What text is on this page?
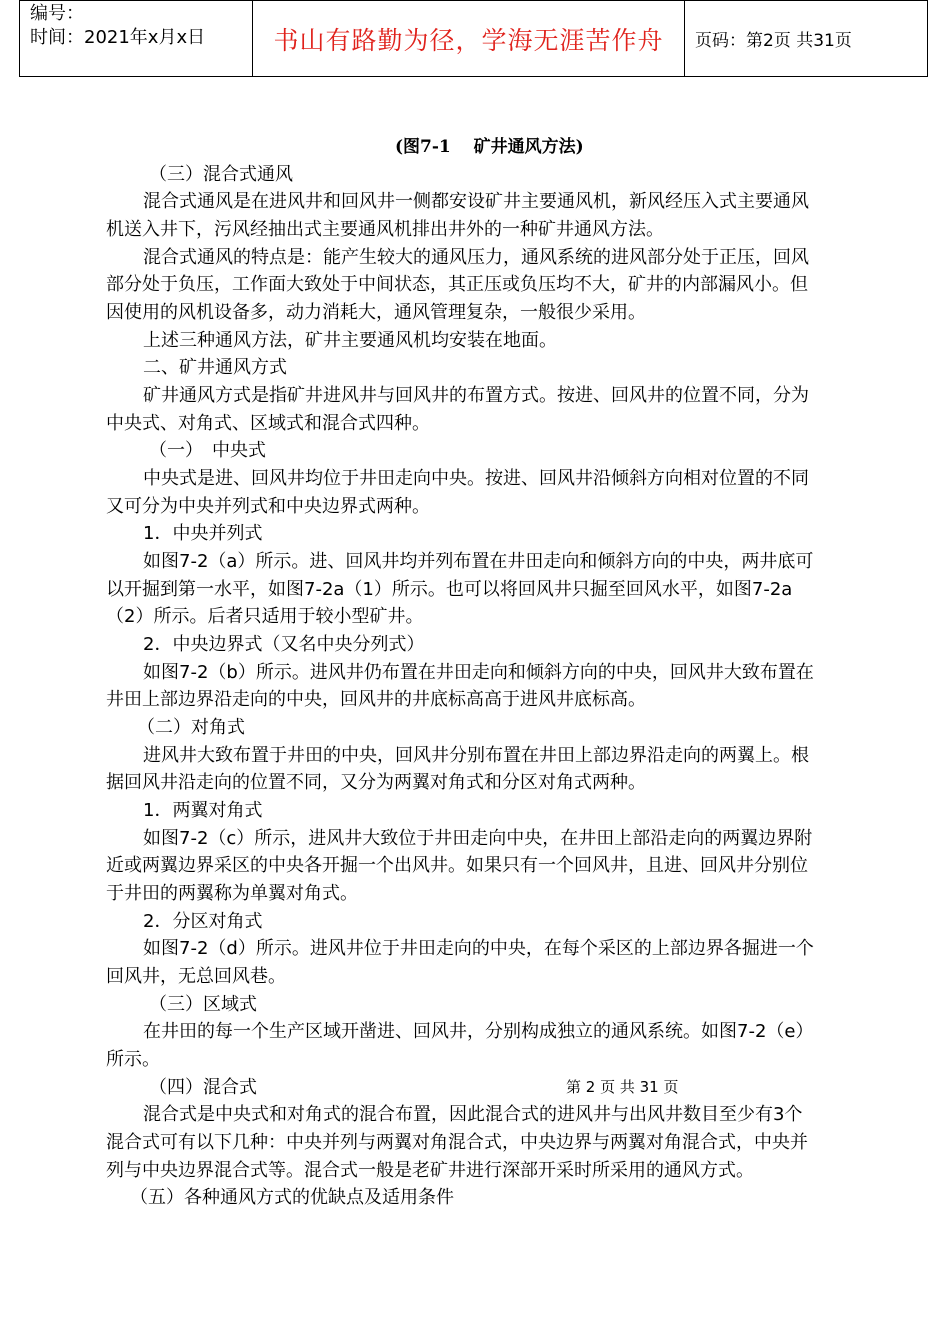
编号：
时间：2021年x月x日	书山有路勤为径，学海无涯苦作舟 页码：第2页 共31页
(图7-1　 矿井通风方法)
（三）混合式通风
混合式通风是在进风井和回风井一侧都安设矿井主要通风机，新风经压入式主要通风
机送入井下，污风经抽出式主要通风机排出井外的一种矿井通风方法。
混合式通风的特点是：能产生较大的通风压力，通风系统的进风部分处于正压，回风
部分处于负压，工作面大致处于中间状态，其正压或负压均不大，矿井的内部漏风小。但
因使用的风机设备多，动力消耗大，通风管理复杂，一般很少采用。
上述三种通风方法，矿井主要通风机均安装在地面。
二、矿井通风方式
矿井通风方式是指矿井进风井与回风井的布置方式。按进、回风井的位置不同，分为
中央式、对角式、区域式和混合式四种。
（一）　中央式
中央式是进、回风井均位于井田走向中央。按进、回风井沿倾斜方向相对位置的不同
又可分为中央并列式和中央边界式两种。
1．中央并列式
如图7-2（a）所示。进、回风井均并列布置在井田走向和倾斜方向的中央，两井底可
以开掘到第一水平，如图7-2a（1）所示。也可以将回风井只掘至回风水平，如图7-2a
（2）所示。后者只适用于较小型矿井。
2．中央边界式（又名中央分列式）
如图7-2（b）所示。进风井仍布置在井田走向和倾斜方向的中央，回风井大致布置在
井田上部边界沿走向的中央，回风井的井底标高高于进风井底标高。
（二）对角式
进风井大致布置于井田的中央，回风井分别布置在井田上部边界沿走向的两翼上。根
据回风井沿走向的位置不同，又分为两翼对角式和分区对角式两种。
1．两翼对角式
如图7-2（c）所示，进风井大致位于井田走向中央，在井田上部沿走向的两翼边界附
近或两翼边界采区的中央各开掘一个出风井。如果只有一个回风井，且进、回风井分别位
于井田的两翼称为单翼对角式。
2．分区对角式
如图7-2（d）所示。进风井位于井田走向的中央，在每个采区的上部边界各掘进一个
回风井，无总回风巷。
（三）区域式
在井田的每一个生产区域开凿进、回风井，分别构成独立的通风系统。如图7-2（e）
所示。
（四）混合式
混合式是中央式和对角式的混合布置，因此混合式的进风井与出风井数目至少有3个
混合式可有以下几种：中央并列与两翼对角混合式，中央边界与两翼对角混合式，中央并
列与中央边界混合式等。混合式一般是老矿井进行深部开采时所采用的通风方式。
（五）各种通风方式的优缺点及适用条件
第 2 页 共 31 页
